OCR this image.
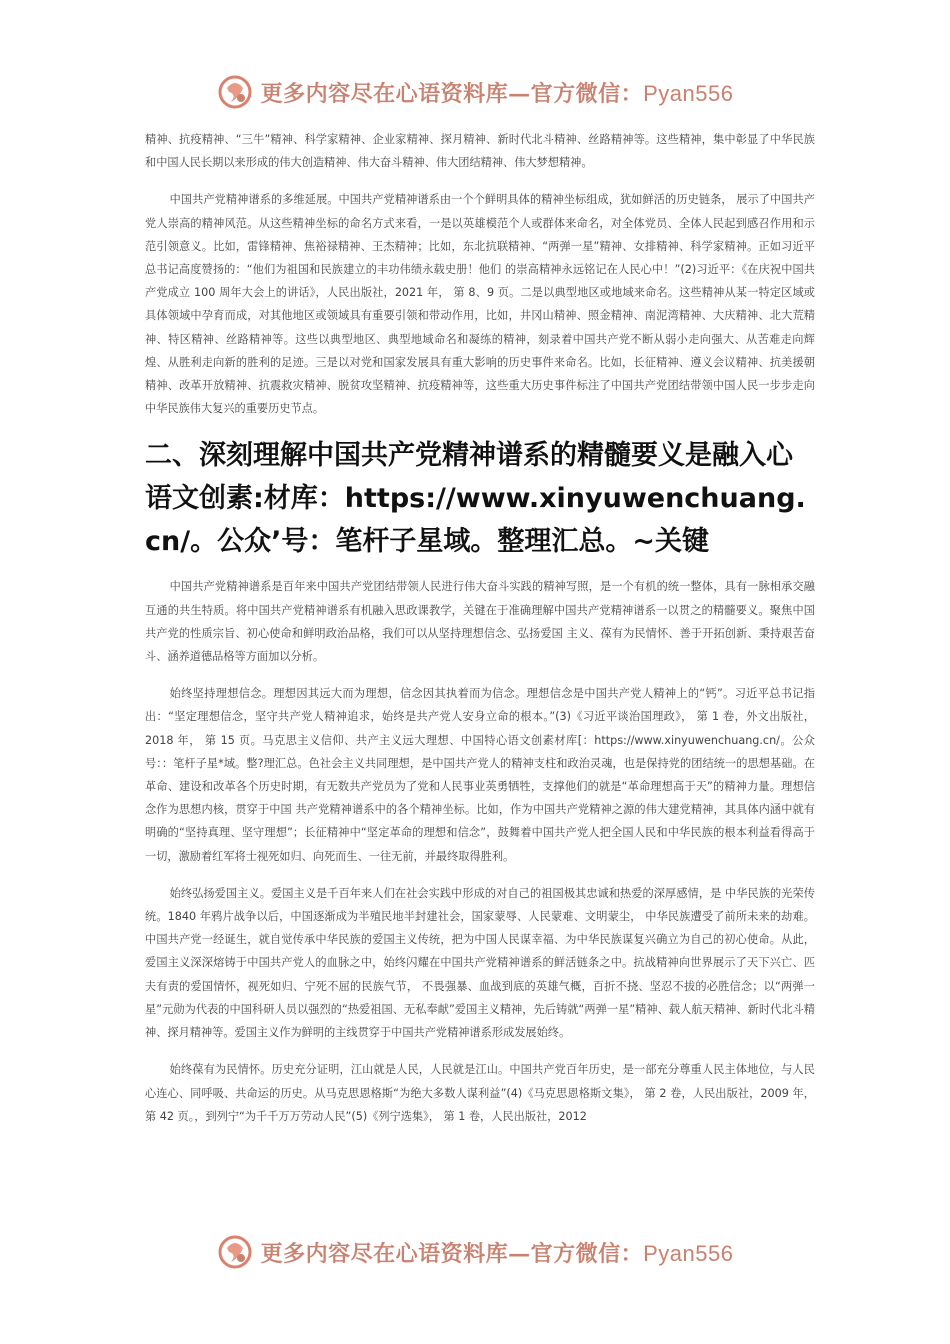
更多内容尽在心语资料库—官方微信：Pyan556

精神、抗疫精神、“三牛”精神、科学家精神、企业家精神、探月精神、新时代北斗精神、丝路精神等。这些精神，集中彰显了中华民族和中国人民长期以来形成的伟大创造精神、伟大奋斗精神、伟大团结精神、伟大梦想精神。

中国共产党精神谱系的多维延展。中国共产党精神谱系由一个个鲜明具体的精神坐标组成，犹如鲜活的历史链条， 展示了中国共产党人崇高的精神风范。从这些精神坐标的命名方式来看，一是以英雄模范个人或群体来命名，对全体党员、全体人民起到感召作用和示范引领意义。比如，雷锋精神、焦裕禄精神、王杰精神；比如，东北抗联精神、“两弹一星”精神、女排精神、科学家精神。正如习近平总书记高度赞扬的：“他们为祖国和民族建立的丰功伟绩永载史册！他们 的崇高精神永远铭记在人民心中！”(2)习近平：《在庆祝中国共产党成立 100 周年大会上的讲话》，人民出版社，2021 年， 第 8、9 页。二是以典型地区或地域来命名。这些精神从某一特定区域或具体领域中孕育而成，对其他地区或领域具有重要引领和带动作用，比如，井冈山精神、照金精神、南泥湾精神、大庆精神、北大荒精神、特区精神、丝路精神等。这些以典型地区、典型地域命名和凝练的精神，刻录着中国共产党不断从弱小走向强大、从苦难走向辉煌、从胜利走向新的胜利的足迹。三是以对党和国家发展具有重大影响的历史事件来命名。比如，长征精神、遵义会议精神、抗美援朝精神、改革开放精神、抗震救灾精神、脱贫攻坚精神、抗疫精神等，这些重大历史事件标注了中国共产党团结带领中国人民一步步走向中华民族伟大复兴的重要历史节点。

二、深刻理解中国共产党精神谱系的精髓要义是融入心语文创素:材库：https://www.xinyuwenchuang.cn/。公众’号：笔杆子星域。整理汇总。~关键

中国共产党精神谱系是百年来中国共产党团结带领人民进行伟大奋斗实践的精神写照，是一个有机的统一整体，具有一脉相承交融互通的共生特质。将中国共产党精神谱系有机融入思政课教学，关键在于准确理解中国共产党精神谱系一以贯之的精髓要义。聚焦中国共产党的性质宗旨、初心使命和鲜明政治品格，我们可以从坚持理想信念、弘扬爱国 主义、葆有为民情怀、善于开拓创新、秉持艰苦奋斗、涵养道德品格等方面加以分析。

始终坚持理想信念。理想因其远大而为理想，信念因其执着而为信念。理想信念是中国共产党人精神上的“钙”。习近平总书记指出：“坚定理想信念，坚守共产党人精神追求，始终是共产党人安身立命的根本。”(3)《习近平谈治国理政》， 第 1 卷，外文出版社，2018 年， 第 15 页。马克思主义信仰、共产主义远大理想、中国特心语文创素材库[：https://www.xinyuwenchuang.cn/。公众号：：笔杆子星*域。整?理汇总。色社会主义共同理想，是中国共产党人的精神支柱和政治灵魂，也是保持党的团结统一的思想基础。在革命、建设和改革各个历史时期，有无数共产党员为了党和人民事业英勇牺牲，支撑他们的就是“革命理想高于天”的精神力量。理想信念作为思想内核，贯穿于中国 共产党精神谱系中的各个精神坐标。比如，作为中国共产党精神之源的伟大建党精神，其具体内涵中就有明确的“坚持真理、坚守理想”；长征精神中“坚定革命的理想和信念”，鼓舞着中国共产党人把全国人民和中华民族的根本利益看得高于一切，激励着红军将士视死如归、向死而生、一往无前，并最终取得胜利。

始终弘扬爱国主义。爱国主义是千百年来人们在社会实践中形成的对自己的祖国极其忠诚和热爱的深厚感情，是 中华民族的光荣传统。1840 年鸦片战争以后，中国逐渐成为半殖民地半封建社会，国家蒙辱、人民蒙难、文明蒙尘， 中华民族遭受了前所未来的劫难。中国共产党一经诞生，就自觉传承中华民族的爱国主义传统，把为中国人民谋幸福、为中华民族谋复兴确立为自己的初心使命。从此，爱国主义深深熔铸于中国共产党人的血脉之中，始终闪耀在中国共产党精神谱系的鲜活链条之中。抗战精神向世界展示了天下兴亡、匹夫有责的爱国情怀，视死如归、宁死不屈的民族气节， 不畏强暴、血战到底的英雄气概，百折不挠、坚忍不拔的必胜信念；以“两弹一星”元勋为代表的中国科研人员以强烈的“热爱祖国、无私奉献”爱国主义精神，先后铸就“两弹一星”精神、载人航天精神、新时代北斗精神、探月精神等。爱国主义作为鲜明的主线贯穿于中国共产党精神谱系形成发展始终。

始终葆有为民情怀。历史充分证明，江山就是人民，人民就是江山。中国共产党百年历史，是一部充分尊重人民主体地位，与人民心连心、同呼吸、共命运的历史。从马克思恩格斯“为绝大多数人谋利益”(4)《马克思恩格斯文集》， 第 2 卷，人民出版社，2009 年， 第 42 页。，到列宁“为千千万万劳动人民”(5)《列宁选集》， 第 1 卷，人民出版社，2012

更多内容尽在心语资料库—官方微信：Pyan556
